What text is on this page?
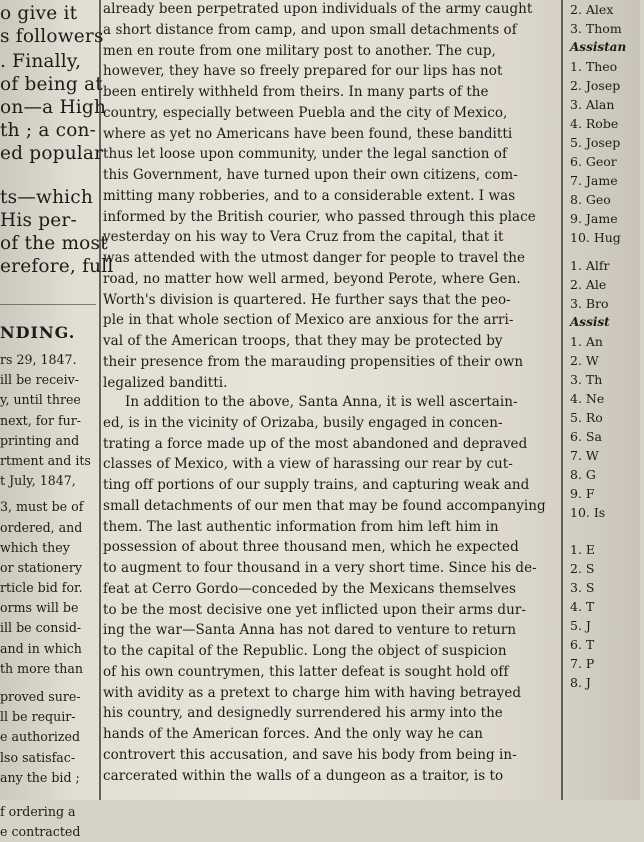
o give it
s followers
. Finally,
of being at
on—a High
th ; a con-
ed popular
ts—which
His per-
of the most
erefore, full
NDING.
rs 29, 1847.
ill be receiv-
y, until three
next, for fur-
printing and
rtment and its
t July, 1847,
3, must be of
ordered, and
which they
or stationery
rticle bid for.
orms will be
ill be consid-
and in which
th more than
proved sure-
ll be requir-
e authorized
lso satisfac-
any the bid ;
f ordering a
e contracted
already been perpetrated upon individuals of the army caught
a short distance from camp, and upon small detachments of
men en route from one military post to another. The cup,
however, they have so freely prepared for our lips has not
been entirely withheld from theirs. In many parts of the
country, especially between Puebla and the city of Mexico,
where as yet no Americans have been found, these banditti
thus let loose upon community, under the legal sanction of
this Government, have turned upon their own citizens, com-
mitting many robberies, and to a considerable extent. I was
informed by the British courier, who passed through this place
yesterday on his way to Vera Cruz from the capital, that it
was attended with the utmost danger for people to travel the
road, no matter how well armed, beyond Perote, where Gen.
Worth's division is quartered. He further says that the peo-
ple in that whole section of Mexico are anxious for the arri-
val of the American troops, that they may be protected by
their presence from the marauding propensities of their own
legalized banditti.
In addition to the above, Santa Anna, it is well ascertain-
ed, is in the vicinity of Orizaba, busily engaged in concen-
trating a force made up of the most abandoned and depraved
classes of Mexico, with a view of harassing our rear by cut-
ting off portions of our supply trains, and capturing weak and
small detachments of our men that may be found accompanying
them. The last authentic information from him left him in
possession of about three thousand men, which he expected
to augment to four thousand in a very short time. Since his de-
feat at Cerro Gordo—conceded by the Mexicans themselves
to be the most decisive one yet inflicted upon their arms dur-
ing the war—Santa Anna has not dared to venture to return
to the capital of the Republic. Long the object of suspicion
of his own countrymen, this latter defeat is sought hold off
with avidity as a pretext to charge him with having betrayed
his country, and designedly surrendered his army into the
hands of the American forces. And the only way he can
controvert this accusation, and save his body from being in-
carcerated within the walls of a dungeon as a traitor, is to
2. Alex
3. Thom
Assistan
1. Theo
2. Josep
3. Alan
4. Robe
5. Josep
6. Geor
7. Jame
8. Geo
9. Jame
10. Hug
1. Alfr
2. Ale
3. Bro
Assist
1. An
2. W
3. Th
4. Ne
5. Ro
6. Sa
7. W
8. G
9. F
10. Is
1. E
2. S
3. S
4. T
5. J
6. T
7. P
8. J
